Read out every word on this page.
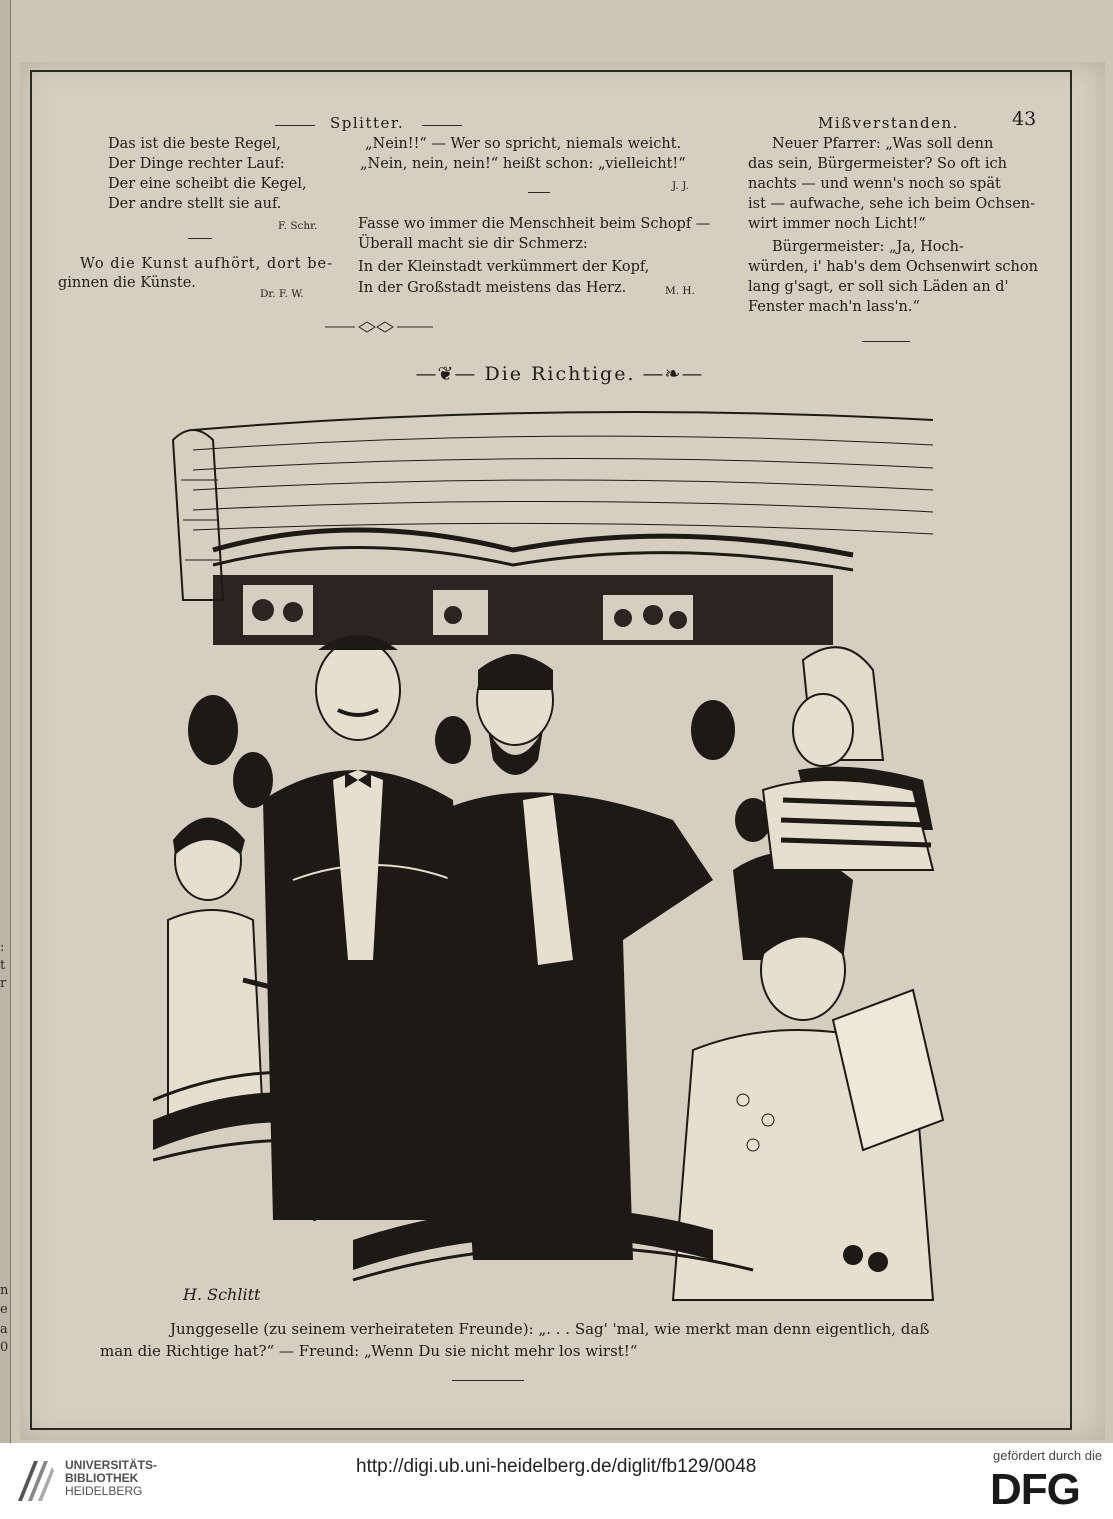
:
t
r
n
e
a
0
Splitter.
Das ist die beste Regel,
Der Dinge rechter Lauf:
Der eine scheibt die Kegel,
Der andre stellt sie auf.
F. Schr.
Wo die Kunst aufhört, dort be-
ginnen die Künste.
Dr. F. W.
„Nein!!“ — Wer so spricht, niemals weicht.
„Nein, nein, nein!“ heißt schon: „vielleicht!“
J. J.
Fasse wo immer die Menschheit beim Schopf —
Überall macht sie dir Schmerz:
In der Kleinstadt verkümmert der Kopf,
In der Großstadt meistens das Herz.	M. H.
Mißverstanden.	43
Neuer Pfarrer: „Was soll denn
das sein, Bürgermeister? So oft ich
nachts — und wenn's noch so spät
ist — aufwache, sehe ich beim Ochsen-
wirt immer noch Licht!“
Bürgermeister: „Ja, Hoch-
würden, i' hab's dem Ochsenwirt schon
lang g'sagt, er soll sich Läden an d'
Fenster mach'n lass'n.“
―❦― Die Richtige. ―❧―
H. Schlitt
Junggeselle (zu seinem verheirateten Freunde): „. . . Sag' 'mal, wie merkt man denn eigentlich, daß
man die Richtige hat?“ — Freund: „Wenn Du sie nicht mehr los wirst!“
UNIVERSITÄTS-
BIBLIOTHEK
HEIDELBERG
http://digi.ub.uni-heidelberg.de/diglit/fb129/0048
gefördert durch die
DFG
